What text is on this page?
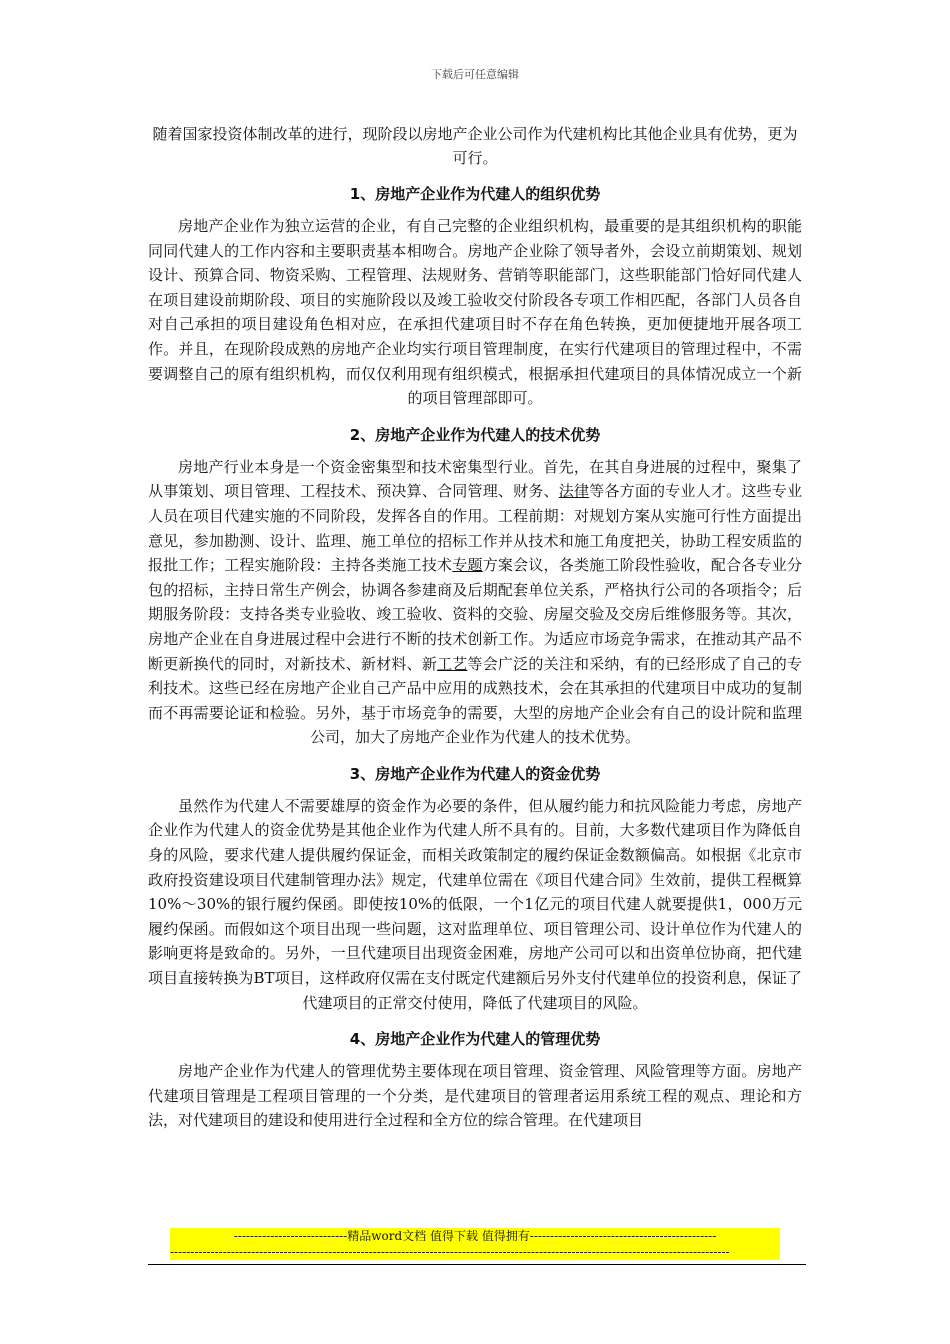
下载后可任意编辑

随着国家投资体制改革的进行，现阶段以房地产企业公司作为代建机构比其他企业具有优势，更为可行。

1、房地产企业作为代建人的组织优势

房地产企业作为独立运营的企业，有自己完整的企业组织机构，最重要的是其组织机构的职能同同代建人的工作内容和主要职责基本相吻合。房地产企业除了领导者外，会设立前期策划、规划设计、预算合同、物资采购、工程管理、法规财务、营销等职能部门，这些职能部门恰好同代建人在项目建设前期阶段、项目的实施阶段以及竣工验收交付阶段各专项工作相匹配，各部门人员各自对自己承担的项目建设角色相对应，在承担代建项目时不存在角色转换，更加便捷地开展各项工作。并且，在现阶段成熟的房地产企业均实行项目管理制度，在实行代建项目的管理过程中，不需要调整自己的原有组织机构，而仅仅利用现有组织模式，根据承担代建项目的具体情况成立一个新的项目管理部即可。

2、房地产企业作为代建人的技术优势

房地产行业本身是一个资金密集型和技术密集型行业。首先，在其自身进展的过程中，聚集了从事策划、项目管理、工程技术、预决算、合同管理、财务、法律等各方面的专业人才。这些专业人员在项目代建实施的不同阶段，发挥各自的作用。工程前期：对规划方案从实施可行性方面提出意见，参加勘测、设计、监理、施工单位的招标工作并从技术和施工角度把关，协助工程安质监的报批工作；工程实施阶段：主持各类施工技术专题方案会议，各类施工阶段性验收，配合各专业分包的招标，主持日常生产例会，协调各参建商及后期配套单位关系，严格执行公司的各项指令；后期服务阶段：支持各类专业验收、竣工验收、资料的交验、房屋交验及交房后维修服务等。其次，房地产企业在自身进展过程中会进行不断的技术创新工作。为适应市场竞争需求，在推动其产品不断更新换代的同时，对新技术、新材料、新工艺等会广泛的关注和采纳，有的已经形成了自己的专利技术。这些已经在房地产企业自己产品中应用的成熟技术，会在其承担的代建项目中成功的复制而不再需要论证和检验。另外，基于市场竞争的需要，大型的房地产企业会有自己的设计院和监理公司，加大了房地产企业作为代建人的技术优势。

3、房地产企业作为代建人的资金优势

虽然作为代建人不需要雄厚的资金作为必要的条件，但从履约能力和抗风险能力考虑，房地产企业作为代建人的资金优势是其他企业作为代建人所不具有的。目前，大多数代建项目作为降低自身的风险，要求代建人提供履约保证金，而相关政策制定的履约保证金数额偏高。如根据《北京市政府投资建设项目代建制管理办法》规定，代建单位需在《项目代建合同》生效前，提供工程概算10%～30%的银行履约保函。即使按10%的低限，一个1亿元的项目代建人就要提供1，000万元履约保函。而假如这个项目出现一些问题，这对监理单位、项目管理公司、设计单位作为代建人的影响更将是致命的。另外，一旦代建项目出现资金困难，房地产公司可以和出资单位协商，把代建项目直接转换为BT项目，这样政府仅需在支付既定代建额后另外支付代建单位的投资利息，保证了代建项目的正常交付使用，降低了代建项目的风险。

4、房地产企业作为代建人的管理优势

房地产企业作为代建人的管理优势主要体现在项目管理、资金管理、风险管理等方面。房地产代建项目管理是工程项目管理的一个分类，是代建项目的管理者运用系统工程的观点、理论和方法，对代建项目的建设和使用进行全过程和全方位的综合管理。在代建项目

----------------------------精品word文档 值得下载 值得拥有----------------------------------------------
------------------------------------------------------------------------------------------------------------------------------------------
